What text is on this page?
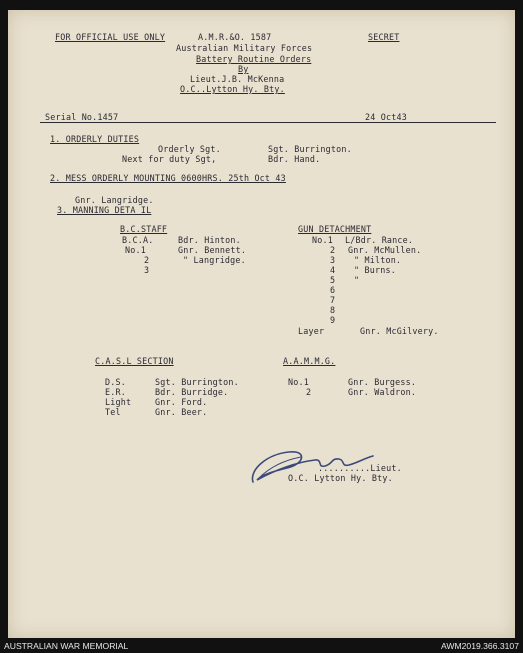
FOR OFFICIAL USE ONLY	A.M.R.&O. 1587	SECRET
Australian Military Forces
Battery Routine Orders
By
Lieut.J.B. McKenna
O.C..Lytton Hy. Bty.
Serial No.1457	24 Oct43
1. ORDERLY DUTIES
Orderly Sgt.	Sgt. Burrington.
Next for duty Sgt,	Bdr. Hand.
2. MESS ORDERLY MOUNTING 0600HRS. 25th Oct 43
Gnr. Langridge.
3. MANNING DETA IL
B.C.STAFF
B.C.A.	Bdr. Hinton.
No.1	Gnr. Bennett.
2	" Langridge.
3
GUN DETACHMENT
No.1 L/Bdr. Rance.
2 Gnr. McMullen.
3 " Milton.
4 " Burns.
5 "
6
7
8
9
Layer	Gnr. McGilvery.
C.A.S.L SECTION
D.S.	Sgt. Burrington.
E.R.	Bdr. Burridge.
Light	Gnr. Ford.
Tel	Gnr. Beer.
A.A.M.M.G.
No.1	Gnr. Burgess.
2	Gnr. Waldron.
..........Lieut.
O.C. Lytton Hy. Bty.
AUSTRALIAN WAR MEMORIAL	AWM2019.366.3107
